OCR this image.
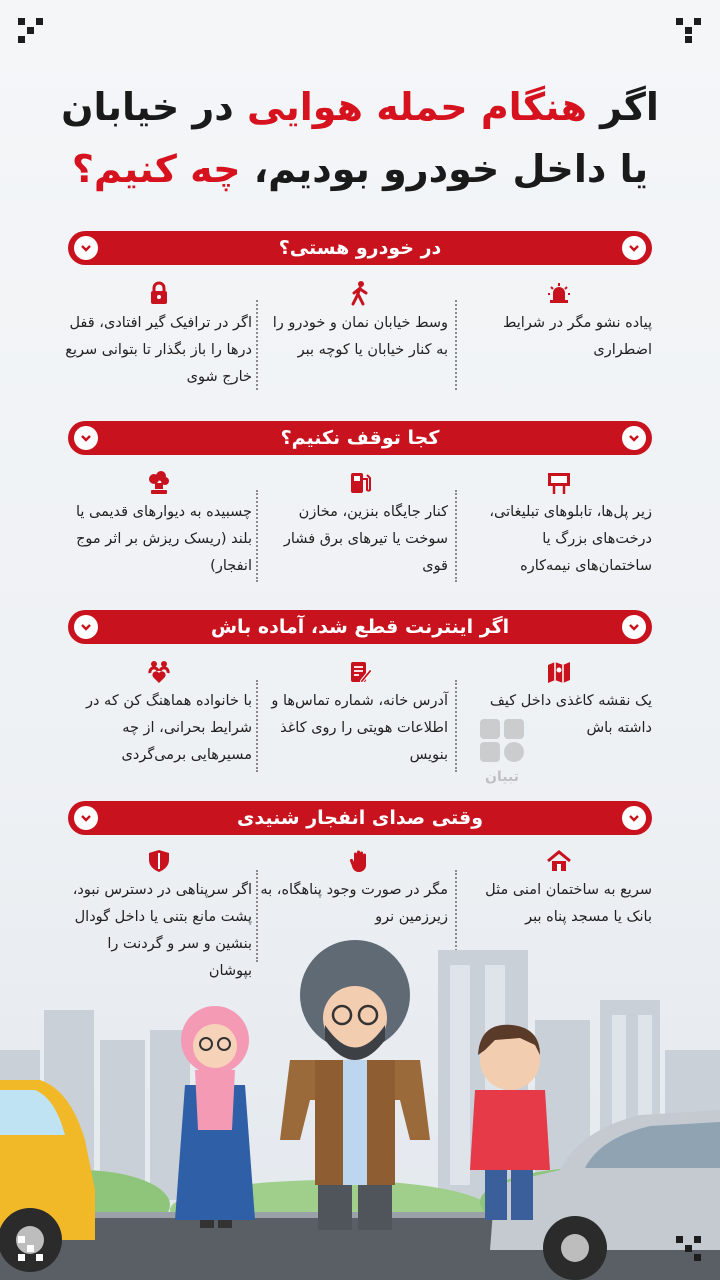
اگر هنگام حمله هوایی در خیابان
یا داخل خودرو بودیم، چه کنیم؟
در خودرو هستی؟
پیاده نشو مگر در شرایط اضطراری
وسط خیابان نمان و خودرو را به کنار خیابان یا کوچه ببر
اگر در ترافیک گیر افتادی، قفل درها را باز بگذار تا بتوانی سریع خارج شوی
کجا توقف نکنیم؟
زیر پل‌ها، تابلوهای تبلیغاتی، درخت‌های بزرگ یا ساختمان‌های نیمه‌کاره
کنار جایگاه بنزین، مخازن سوخت یا تیرهای برق فشار قوی
چسبیده به دیوارهای قدیمی یا بلند (ریسک ریزش بر اثر موج انفجار)
اگر اینترنت قطع شد، آماده باش
یک نقشه کاغذی داخل کیف داشته باش
آدرس خانه، شماره تماس‌ها و اطلاعات هویتی را روی کاغذ بنویس
با خانواده هماهنگ کن که در شرایط بحرانی، از چه مسیرهایی برمی‌گردی
تبیان
وقتی صدای انفجار شنیدی
سریع به ساختمان امنی مثل بانک یا مسجد پناه ببر
مگر در صورت وجود پناهگاه، به زیرزمین نرو
اگر سرپناهی در دسترس نبود، پشت مانع بتنی یا داخل گودال بنشین و سر و گردنت را بپوشان
